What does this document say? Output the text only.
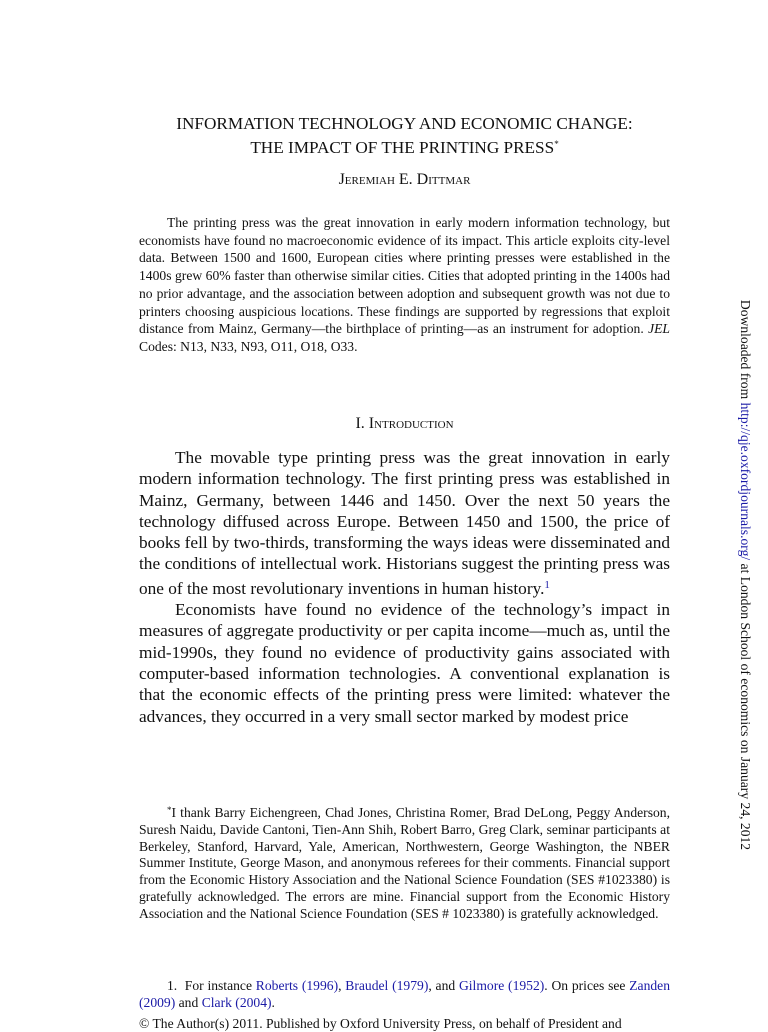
INFORMATION TECHNOLOGY AND ECONOMIC CHANGE:
THE IMPACT OF THE PRINTING PRESS*
Jeremiah E. Dittmar
The printing press was the great innovation in early modern information technology, but economists have found no macroeconomic evidence of its impact. This article exploits city-level data. Between 1500 and 1600, European cities where printing presses were established in the 1400s grew 60% faster than otherwise similar cities. Cities that adopted printing in the 1400s had no prior advantage, and the association between adoption and subsequent growth was not due to printers choosing auspicious locations. These findings are supported by regressions that exploit distance from Mainz, Germany—the birthplace of printing—as an instrument for adoption. JEL Codes: N13, N33, N93, O11, O18, O33.
I. Introduction

The movable type printing press was the great innovation in early modern information technology. The first printing press was established in Mainz, Germany, between 1446 and 1450. Over the next 50 years the technology diffused across Europe. Between 1450 and 1500, the price of books fell by two-thirds, transforming the ways ideas were disseminated and the conditions of intellectual work. Historians suggest the printing press was one of the most revolutionary inventions in human history.$^1$

Economists have found no evidence of the technology’s impact in measures of aggregate productivity or per capita income—much as, until the mid-1990s, they found no evidence of productivity gains associated with computer-based information technologies. A conventional explanation is that the economic effects of the printing press were limited: whatever the advances, they occurred in a very small sector marked by modest price

*I thank Barry Eichengreen, Chad Jones, Christina Romer, Brad DeLong, Peggy Anderson, Suresh Naidu, Davide Cantoni, Tien-Ann Shih, Robert Barro, Greg Clark, seminar participants at Berkeley, Stanford, Harvard, Yale, American, Northwestern, George Washington, the NBER Summer Institute, George Mason, and anonymous referees for their comments. Financial support from the Economic History Association and the National Science Foundation (SES #1023380) is gratefully acknowledged. The errors are mine. Financial support from the Economic History Association and the National Science Foundation (SES # 1023380) is gratefully acknowledged.

1. For instance Roberts (1996), Braudel (1979), and Gilmore (1952). On prices see Zanden (2009) and Clark (2004).

© The Author(s) 2011. Published by Oxford University Press, on behalf of President and
Downloaded from http://qje.oxfordjournals.org/ at London School of economics on January 24, 2012
